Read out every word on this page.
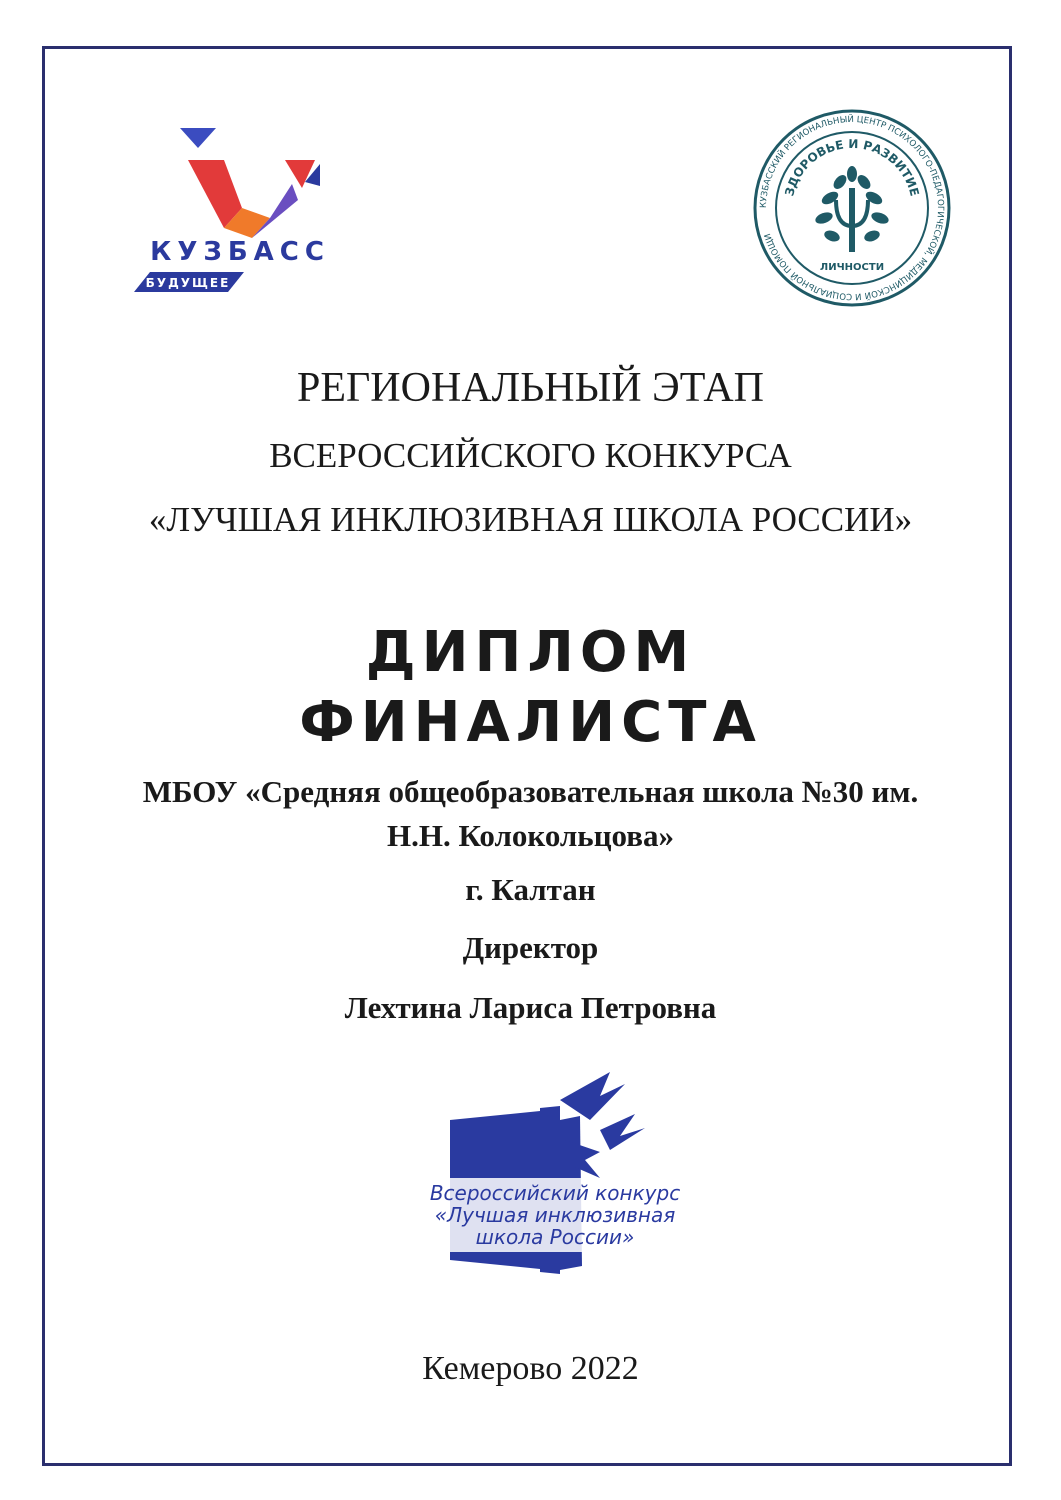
КУЗБАСС
БУДУЩЕЕ
КУЗБАССКИЙ РЕГИОНАЛЬНЫЙ ЦЕНТР ПСИХОЛОГО-ПЕДАГОГИЧЕСКОЙ, МЕДИЦИНСКОЙ И СОЦИАЛЬНОЙ ПОМОЩИ
ЗДОРОВЬЕ И РАЗВИТИЕ
ЛИЧНОСТИ
РЕГИОНАЛЬНЫЙ ЭТАП
ВСЕРОССИЙСКОГО КОНКУРСА
«ЛУЧШАЯ ИНКЛЮЗИВНАЯ ШКОЛА РОССИИ»
ДИПЛОМ
ФИНАЛИСТА
МБОУ «Средняя общеобразовательная школа №30 им.
Н.Н. Колокольцова»
г. Калтан
Директор
Лехтина Лариса Петровна
Всероссийский конкурс
«Лучшая инклюзивная
школа России»
Кемерово 2022
